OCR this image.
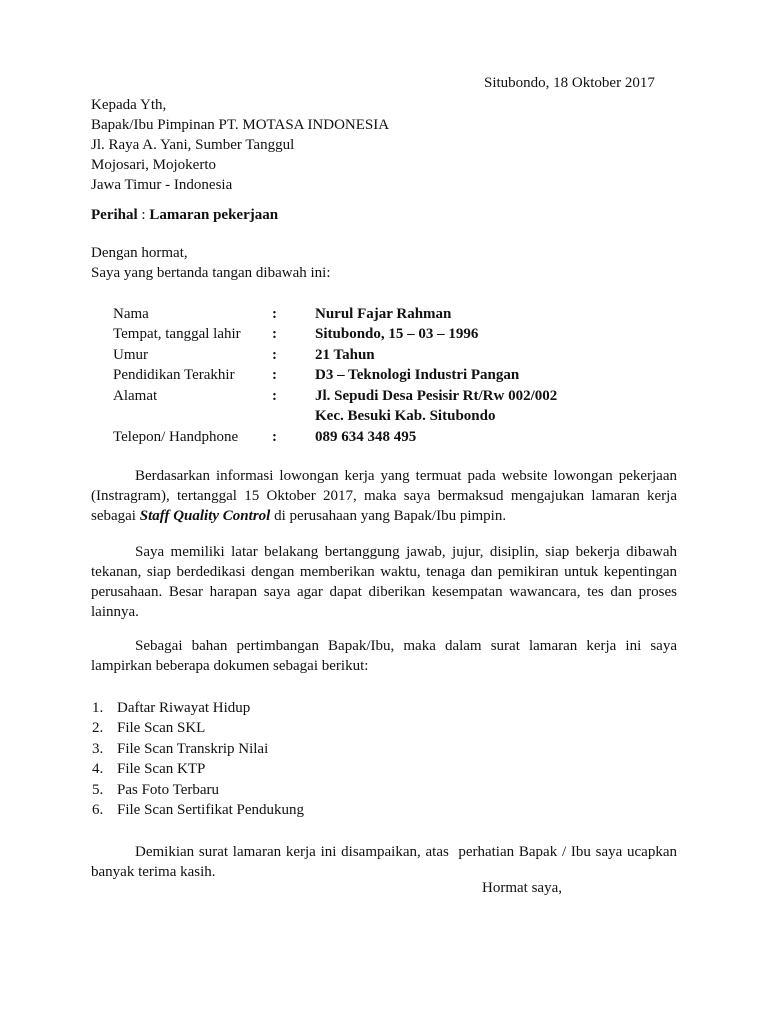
Situbondo, 18 Oktober 2017
Kepada Yth,
Bapak/Ibu Pimpinan PT. MOTASA INDONESIA
Jl. Raya A. Yani, Sumber Tanggul
Mojosari, Mojokerto
Jawa Timur - Indonesia
Perihal : Lamaran pekerjaan
Dengan hormat,
Saya yang bertanda tangan dibawah ini:
Nama	:	Nurul Fajar Rahman
Tempat, tanggal lahir :	Situbondo, 15 – 03 – 1996
Umur	:	21 Tahun
Pendidikan Terakhir :	D3 – Teknologi Industri Pangan
Alamat	:	Jl. Sepudi Desa Pesisir Rt/Rw 002/002
Kec. Besuki Kab. Situbondo
Telepon/ Handphone :	089 634 348 495
Berdasarkan informasi lowongan kerja yang termuat pada website lowongan pekerjaan (Instragram), tertanggal 15 Oktober 2017, maka saya bermaksud mengajukan lamaran kerja sebagai Staff Quality Control di perusahaan yang Bapak/Ibu pimpin.
Saya memiliki latar belakang bertanggung jawab, jujur, disiplin, siap bekerja dibawah tekanan, siap berdedikasi dengan memberikan waktu, tenaga dan pemikiran untuk kepentingan perusahaan. Besar harapan saya agar dapat diberikan kesempatan wawancara, tes dan proses lainnya.
Sebagai bahan pertimbangan Bapak/Ibu, maka dalam surat lamaran kerja ini saya lampirkan beberapa dokumen sebagai berikut:
1. Daftar Riwayat Hidup
2. File Scan SKL
3. File Scan Transkrip Nilai
4. File Scan KTP
5. Pas Foto Terbaru
6. File Scan Sertifikat Pendukung
Demikian surat lamaran kerja ini disampaikan, atas  perhatian Bapak / Ibu saya ucapkan banyak terima kasih.
Hormat saya,
